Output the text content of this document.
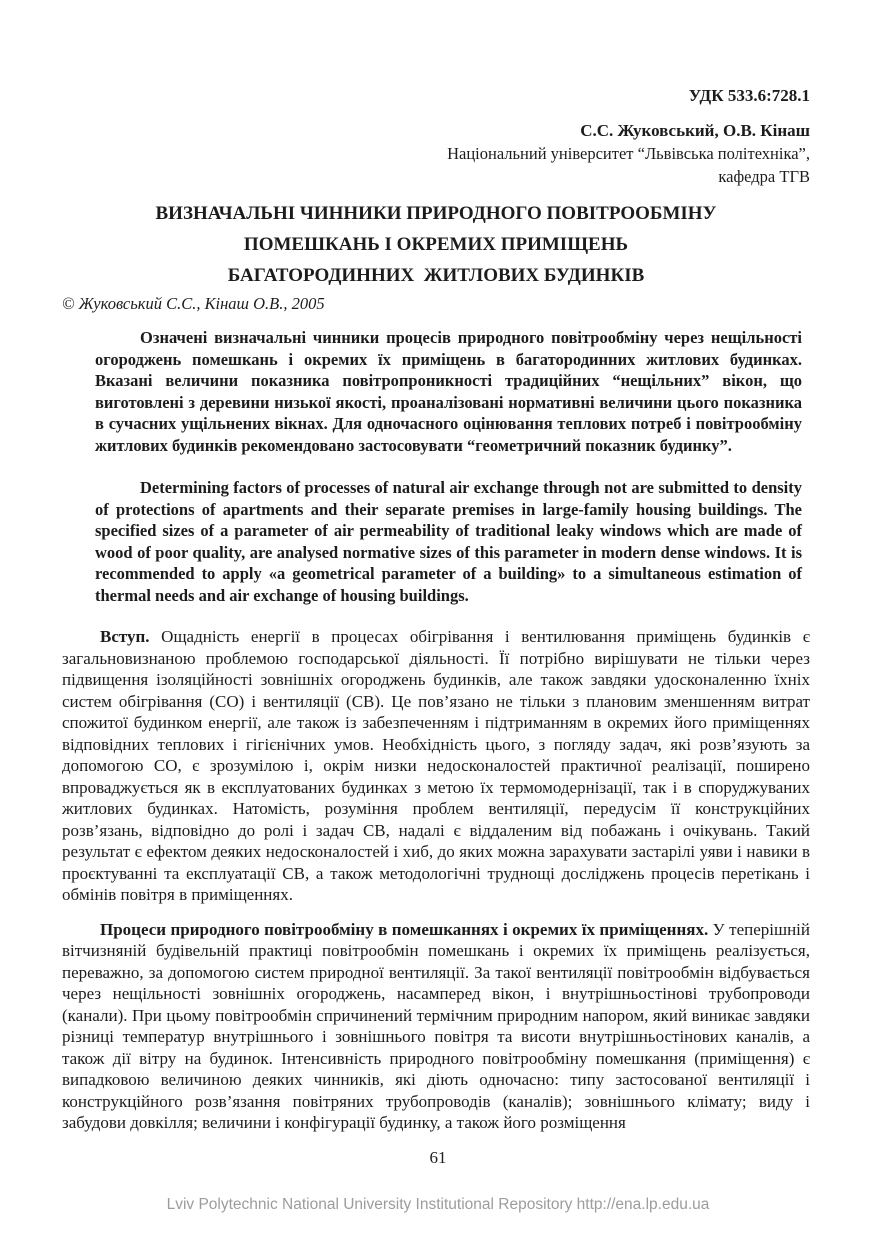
УДК 533.6:728.1
С.С. Жуковський, О.В. Кінаш
Національний університет “Львівська політехніка”,
кафедра ТГВ
ВИЗНАЧАЛЬНІ ЧИННИКИ ПРИРОДНОГО ПОВІТРООБМІНУ
ПОМЕШКАНЬ І ОКРЕМИХ ПРИМІЩЕНЬ
БАГАТОРОДИННИХ  ЖИТЛОВИХ БУДИНКІВ
© Жуковський С.С., Кінаш О.В., 2005

Означені визначальні чинники процесів природного повітрообміну через нещільності огороджень помешкань і окремих їх приміщень в багатородинних житлових будинках. Вказані величини показника повітропроникності традиційних “нещільних” вікон, що виготовлені з деревини низької якості, проаналізовані нормативні величини цього показника в сучасних ущільнених вікнах. Для одночасного оцінювання теплових потреб і повітрообміну житлових будинків рекомендовано застосовувати “геометричний показник будинку”.

Determining factors of processes of natural air exchange through not are submitted to density of protections of apartments and their separate premises in large-family housing buildings. The specified sizes of a parameter of air permeability of traditional leaky windows which are made of wood of poor quality, are analysed normative sizes of this parameter in modern dense windows. It is recommended to apply «a geometrical parameter of a building» to a simultaneous estimation of thermal needs and air exchange of housing buildings.

Вступ. Ощадність енергії в процесах обігрівання і вентилювання приміщень будинків є загальновизнаною проблемою господарської діяльності. Її потрібно вирішувати не тільки через підвищення ізоляційності зовнішніх огороджень будинків, але також завдяки удосконаленню їхніх систем обігрівання (СО) і вентиляції (СВ). Це пов’язано не тільки з плановим зменшенням витрат спожитої будинком енергії, але також із забезпеченням і підтриманням в окремих його приміщеннях відповідних теплових і гігієнічних умов. Необхідність цього, з погляду задач, які розв’язують за допомогою СО, є зрозумілою і, окрім низки недосконалостей практичної реалізації, поширено впроваджується як в експлуатованих будинках з метою їх термомодернізації, так і в споруджуваних житлових будинках. Натомість, розуміння проблем вентиляції, передусім її конструкційних розв’язань, відповідно до ролі і задач СВ, надалі є віддаленим від побажань і очікувань. Такий результат є ефектом деяких недосконалостей і хиб, до яких можна зарахувати застарілі уяви і навики в проєктуванні та експлуатації СВ, а також методологічні труднощі досліджень процесів перетікань і обмінів повітря в приміщеннях.

Процеси природного повітрообміну в помешканнях і окремих їх приміщеннях. У теперішній вітчизняній будівельній практиці повітрообмін помешкань і окремих їх приміщень реалізується, переважно, за допомогою систем природної вентиляції. За такої вентиляції повітрообмін відбувається через нещільності зовнішніх огороджень, насамперед вікон, і внутрішньостінові трубопроводи (канали). При цьому повітрообмін спричинений термічним природним напором, який виникає завдяки різниці температур внутрішнього і зовнішнього повітря та висоти внутрішньостінових каналів, а також дії вітру на будинок. Інтенсивність природного повітрообміну помешкання (приміщення) є випадковою величиною деяких чинників, які діють одночасно: типу застосованої вентиляції і конструкційного розв’язання повітряних трубопроводів (каналів); зовнішнього клімату; виду і забудови довкілля; величини і конфігурації будинку, а також його розміщення

61
Lviv Polytechnic National University Institutional Repository http://ena.lp.edu.ua
